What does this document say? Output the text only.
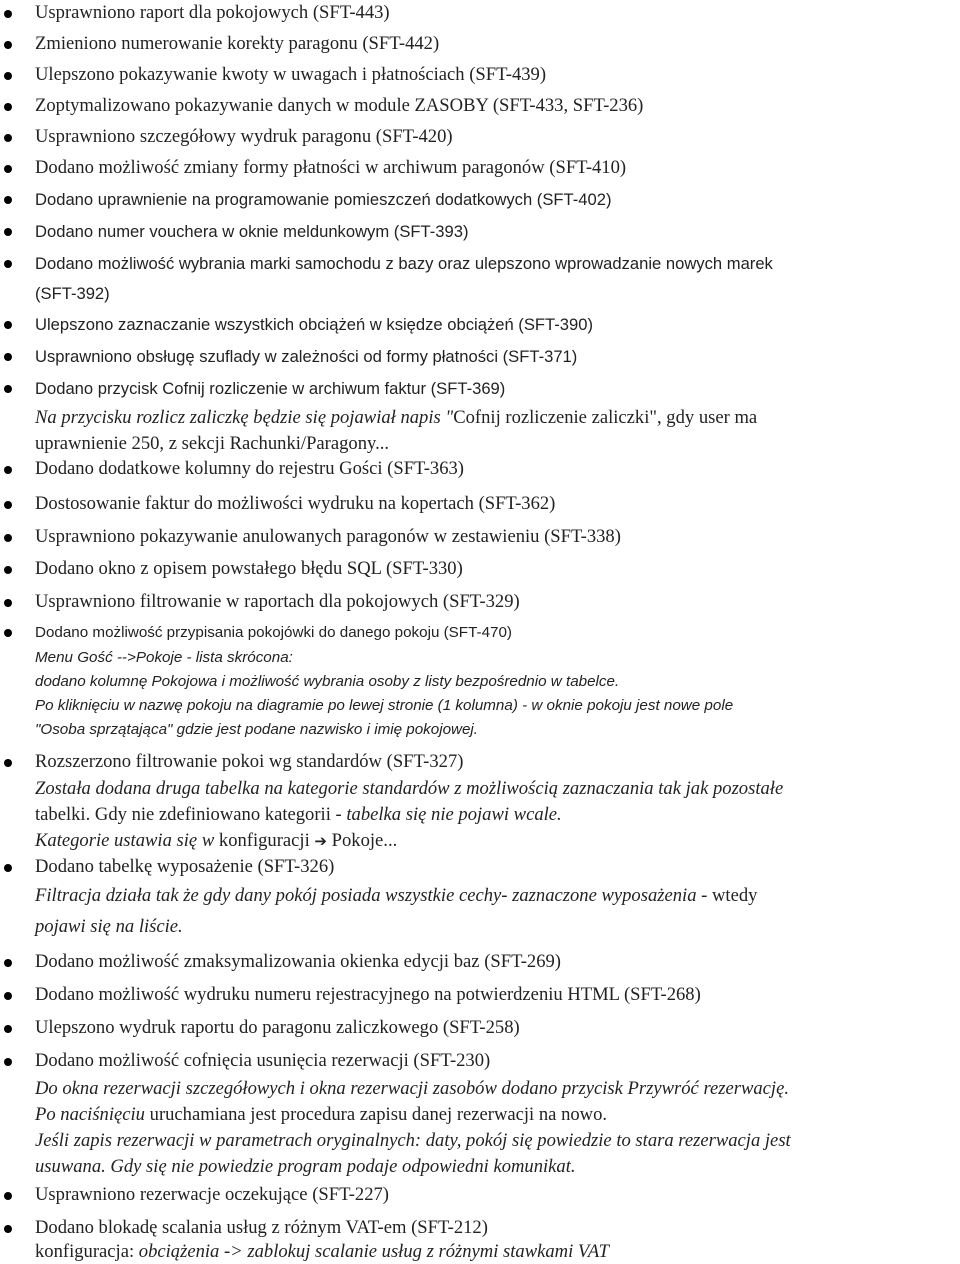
Usprawniono raport dla pokojowych (SFT-443)
Zmieniono numerowanie korekty paragonu (SFT-442)
Ulepszono pokazywanie kwoty w uwagach i płatnościach (SFT-439)
Zoptymalizowano pokazywanie danych w module ZASOBY (SFT-433, SFT-236)
Usprawniono szczegółowy wydruk paragonu (SFT-420)
Dodano możliwość zmiany formy płatności w archiwum paragonów (SFT-410)
Dodano uprawnienie na programowanie pomieszczeń dodatkowych (SFT-402)
Dodano numer vouchera w oknie meldunkowym (SFT-393)
Dodano możliwość wybrania marki samochodu z bazy oraz ulepszono wprowadzanie nowych marek
(SFT-392)
Ulepszono zaznaczanie wszystkich obciążeń w księdze obciążeń (SFT-390)
Usprawniono obsługę szuflady w zależności od formy płatności (SFT-371)
Dodano przycisk Cofnij rozliczenie w archiwum faktur (SFT-369)
Na przycisku rozlicz zaliczkę będzie się pojawiał napis "Cofnij rozliczenie zaliczki", gdy user ma
uprawnienie 250, z sekcji Rachunki/Paragony...
Dodano dodatkowe kolumny do rejestru Gości (SFT-363)
Dostosowanie faktur do możliwości wydruku na kopertach (SFT-362)
Usprawniono pokazywanie anulowanych paragonów w zestawieniu (SFT-338)
Dodano okno z opisem powstałego błędu SQL (SFT-330)
Usprawniono filtrowanie w raportach dla pokojowych (SFT-329)
Dodano możliwość przypisania pokojówki do danego pokoju (SFT-470)
Menu Gość -->Pokoje - lista skrócona:
dodano kolumnę Pokojowa i możliwość wybrania osoby z listy bezpośrednio w tabelce.
Po kliknięciu w nazwę pokoju na diagramie po lewej stronie (1 kolumna) - w oknie pokoju jest nowe pole
"Osoba sprzątająca" gdzie jest podane nazwisko i imię pokojowej.
Rozszerzono filtrowanie pokoi wg standardów (SFT-327)
Została dodana druga tabelka na kategorie standardów z możliwością zaznaczania tak jak pozostałe
tabelki. Gdy nie zdefiniowano kategorii - tabelka się nie pojawi wcale.
Kategorie ustawia się w konfiguracji ➔ Pokoje...
Dodano tabelkę wyposażenie (SFT-326)
Filtracja działa tak że gdy dany pokój posiada wszystkie cechy- zaznaczone wyposażenia - wtedy
pojawi się na liście.
Dodano możliwość zmaksymalizowania okienka edycji baz (SFT-269)
Dodano możliwość wydruku numeru rejestracyjnego na potwierdzeniu HTML (SFT-268)
Ulepszono wydruk raportu do paragonu zaliczkowego (SFT-258)
Dodano możliwość cofnięcia usunięcia rezerwacji (SFT-230)
Do okna rezerwacji szczegółowych i okna rezerwacji zasobów dodano przycisk Przywróć rezerwację.
Po naciśnięciu uruchamiana jest procedura zapisu danej rezerwacji na nowo.
Jeśli zapis rezerwacji w parametrach oryginalnych: daty, pokój się powiedzie to stara rezerwacja jest
usuwana. Gdy się nie powiedzie program podaje odpowiedni komunikat.
Usprawniono rezerwacje oczekujące (SFT-227)
Dodano blokadę scalania usług z różnym VAT-em (SFT-212)
konfiguracja: obciążenia -> zablokuj scalanie usług z różnymi stawkami VAT
